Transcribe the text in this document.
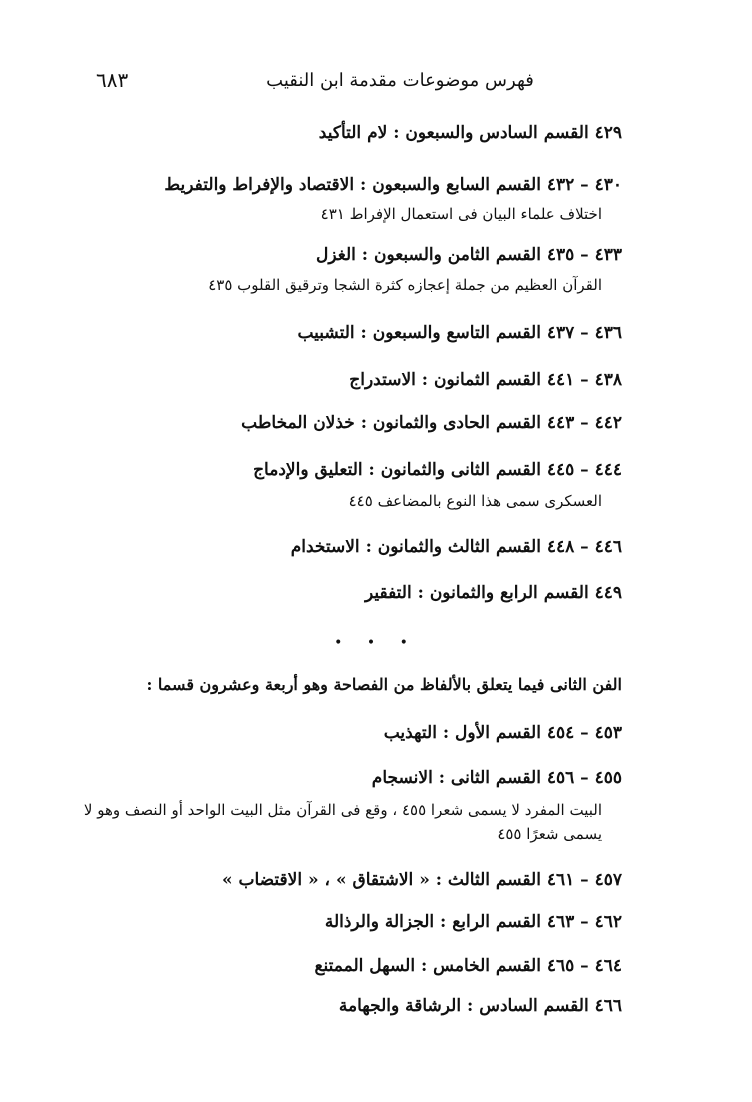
فهرس موضوعات مقدمة ابن النقيب
٦٨٣
٤٢٩ القسم السادس والسبعون : لام التأكيد
٤٣٠ – ٤٣٢ القسم السابع والسبعون : الاقتصاد والإفراط والتفريط
اختلاف علماء البيان فى استعمال الإفراط ٤٣١
٤٣٣ – ٤٣٥ القسم الثامن والسبعون : الغزل
القرآن العظيم من جملة إعجازه كثرة الشجا وترقيق القلوب ٤٣٥
٤٣٦ – ٤٣٧ القسم التاسع والسبعون : التشبيب
٤٣٨ – ٤٤١ القسم الثمانون : الاستدراج
٤٤٢ – ٤٤٣ القسم الحادى والثمانون : خذلان المخاطب
٤٤٤ – ٤٤٥ القسم الثانى والثمانون : التعليق والإدماج
العسكرى سمى هذا النوع بالمضاعف ٤٤٥
٤٤٦ – ٤٤٨ القسم الثالث والثمانون : الاستخدام
٤٤٩ القسم الرابع والثمانون : التفقير
• • •
الفن الثانى فيما يتعلق بالألفاظ من الفصاحة وهو أربعة وعشرون قسما :
٤٥٣ – ٤٥٤ القسم الأول : التهذيب
٤٥٥ – ٤٥٦ القسم الثانى : الانسجام
البيت المفرد لا يسمى شعرا ٤٥٥ ، وقع فى القرآن مثل البيت الواحد أو النصف وهو لا يسمى شعرًا ٤٥٥
٤٥٧ – ٤٦١ القسم الثالث : « الاشتقاق » ، « الاقتضاب »
٤٦٢ – ٤٦٣ القسم الرابع : الجزالة والرذالة
٤٦٤ – ٤٦٥ القسم الخامس : السهل الممتنع
٤٦٦ القسم السادس : الرشاقة والجهامة
